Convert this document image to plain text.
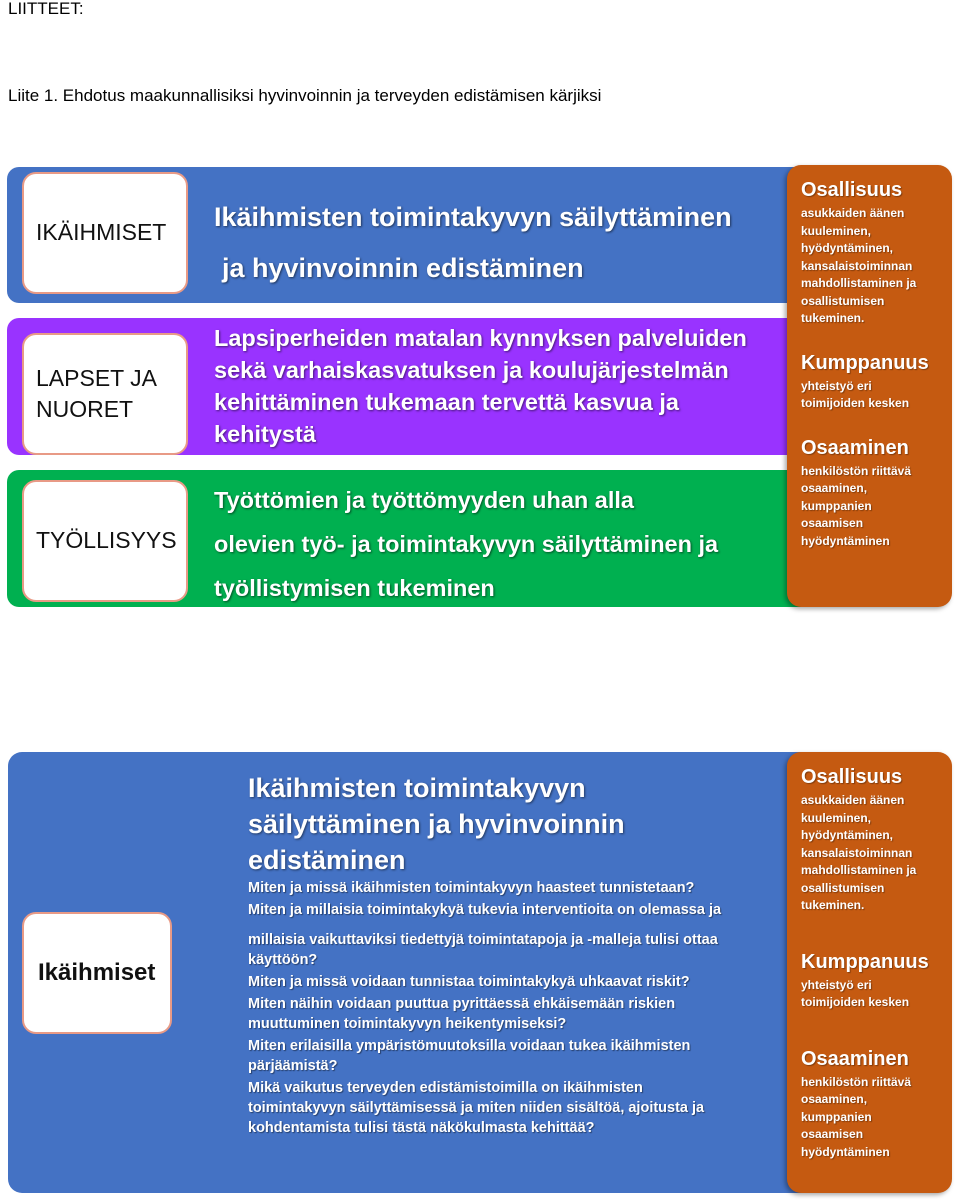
LIITTEET:
Liite 1. Ehdotus maakunnallisiksi hyvinvoinnin ja terveyden edistämisen kärjiksi
IKÄIHMISET
LAPSET JA
NUORET
TYÖLLISYYS
Ikäihmisten toimintakyvyn säilyttäminen
ja hyvinvoinnin edistäminen
Lapsiperheiden matalan kynnyksen palveluiden
sekä varhaiskasvatuksen ja koulujärjestelmän
kehittäminen tukemaan tervettä kasvua ja
kehitystä
Työttömien ja työttömyyden uhan alla
olevien työ- ja toimintakyvyn säilyttäminen ja
työllistymisen tukeminen
Osallisuus

asukkaiden äänen
kuuleminen,
hyödyntäminen,
kansalaistoiminnan
mahdollistaminen ja
osallistumisen
tukeminen.

Kumppanuus

yhteistyö eri
toimijoiden kesken

Osaaminen

henkilöstön riittävä
osaaminen,
kumppanien
osaamisen
hyödyntäminen

Ikäihmiset
Ikäihmisten toimintakyvyn
säilyttäminen ja hyvinvoinnin
edistäminen
Miten ja missä ikäihmisten toimintakyvyn haasteet tunnistetaan?
Miten ja millaisia toimintakykyä tukevia interventioita on olemassa ja
millaisia vaikuttaviksi tiedettyjä toimintatapoja ja -malleja tulisi ottaa
käyttöön?
Miten ja missä voidaan tunnistaa toimintakykyä uhkaavat riskit?
Miten näihin voidaan puuttua pyrittäessä ehkäisemään riskien
muuttuminen toimintakyvyn heikentymiseksi?
Miten erilaisilla ympäristömuutoksilla voidaan tukea ikäihmisten
pärjäämistä?
Mikä vaikutus terveyden edistämistoimilla on ikäihmisten
toimintakyvyn säilyttämisessä ja miten niiden sisältöä, ajoitusta ja
kohdentamista tulisi tästä näkökulmasta kehittää?
Osallisuus

asukkaiden äänen
kuuleminen,
hyödyntäminen,
kansalaistoiminnan
mahdollistaminen ja
osallistumisen
tukeminen.

Kumppanuus

yhteistyö eri
toimijoiden kesken

Osaaminen

henkilöstön riittävä
osaaminen,
kumppanien
osaamisen
hyödyntäminen
